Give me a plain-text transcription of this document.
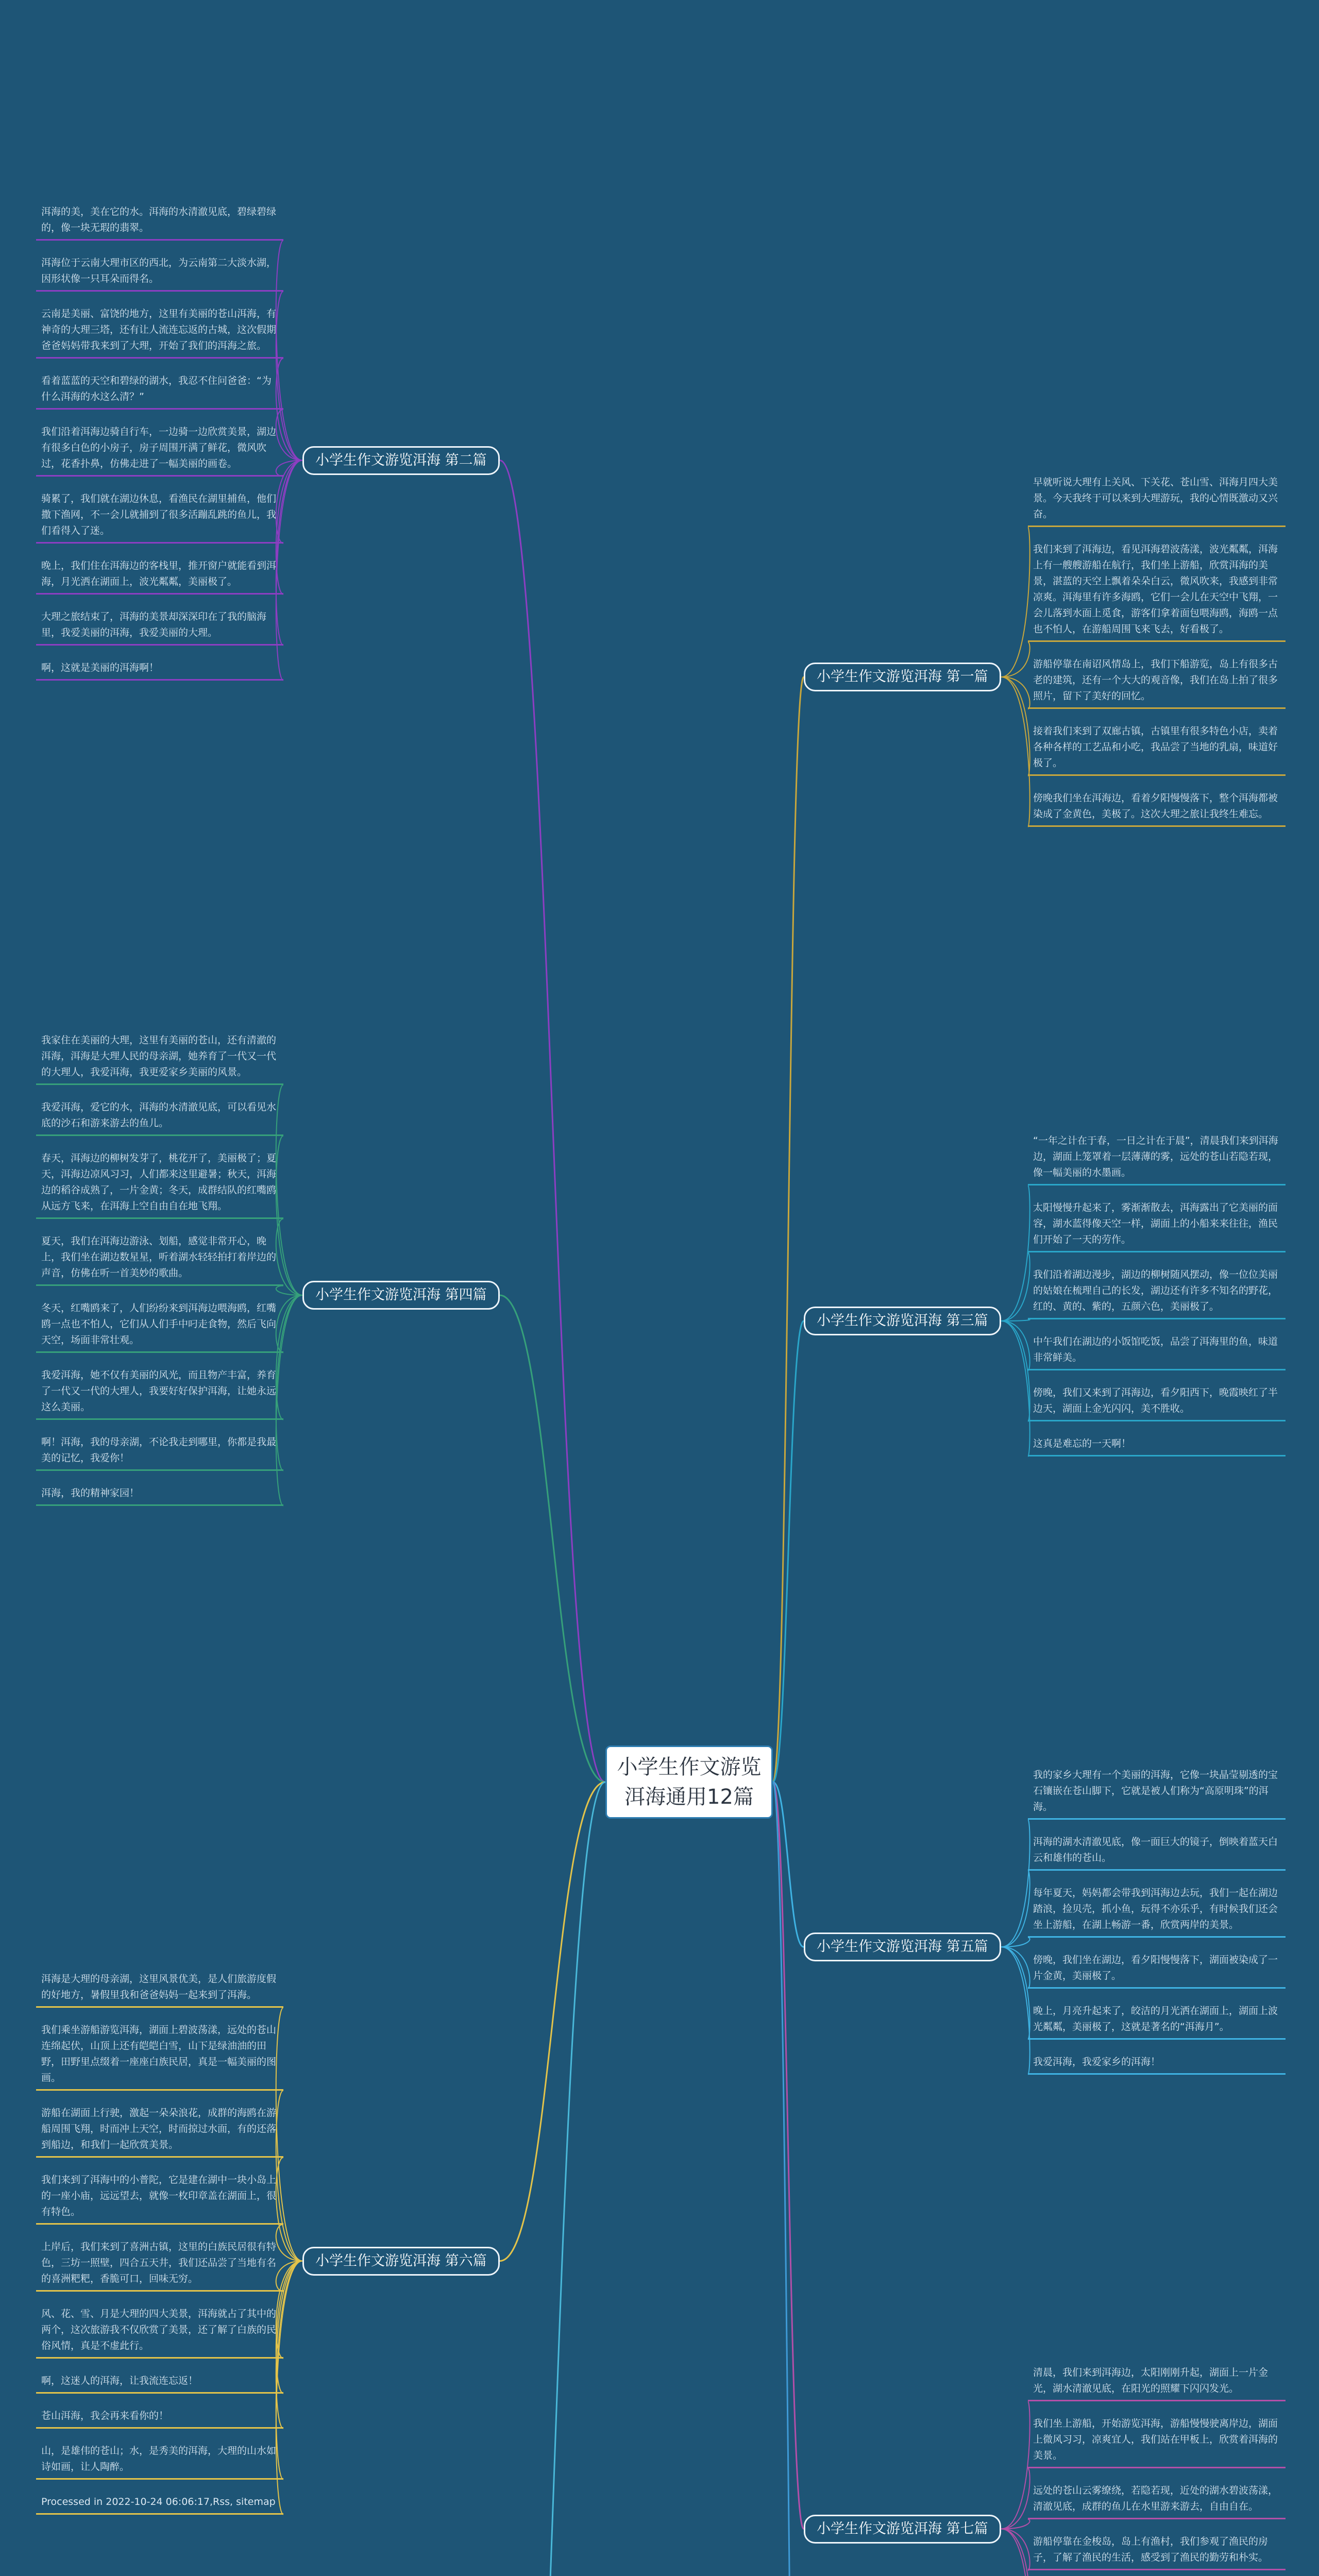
小学生作文游览洱海通用12篇
早就听说大理有上关风、下关花、苍山雪、洱海月四大美景。今天我终于可以来到大理游玩，我的心情既激动又兴奋。
我们来到了洱海边，看见洱海碧波荡漾，波光粼粼，洱海上有一艘艘游船在航行，我们坐上游船，欣赏洱海的美景，湛蓝的天空上飘着朵朵白云，微风吹来，我感到非常凉爽。洱海里有许多海鸥，它们一会儿在天空中飞翔，一会儿落到水面上觅食，游客们拿着面包喂海鸥，海鸥一点也不怕人，在游船周围飞来飞去，好看极了。
游船停靠在南诏风情岛上，我们下船游览，岛上有很多古老的建筑，还有一个大大的观音像，我们在岛上拍了很多照片，留下了美好的回忆。
接着我们来到了双廊古镇，古镇里有很多特色小店，卖着各种各样的工艺品和小吃，我品尝了当地的乳扇，味道好极了。
傍晚我们坐在洱海边，看着夕阳慢慢落下，整个洱海都被染成了金黄色，美极了。这次大理之旅让我终生难忘。
小学生作文游览洱海 第一篇
洱海的美，美在它的水。洱海的水清澈见底，碧绿碧绿的，像一块无瑕的翡翠。
洱海位于云南大理市区的西北，为云南第二大淡水湖，因形状像一只耳朵而得名。
云南是美丽、富饶的地方，这里有美丽的苍山洱海，有神奇的大理三塔，还有让人流连忘返的古城，这次假期爸爸妈妈带我来到了大理，开始了我们的洱海之旅。
看着蓝蓝的天空和碧绿的湖水，我忍不住问爸爸：“为什么洱海的水这么清？”
我们沿着洱海边骑自行车，一边骑一边欣赏美景，湖边有很多白色的小房子，房子周围开满了鲜花，微风吹过，花香扑鼻，仿佛走进了一幅美丽的画卷。
骑累了，我们就在湖边休息，看渔民在湖里捕鱼，他们撒下渔网，不一会儿就捕到了很多活蹦乱跳的鱼儿，我们看得入了迷。
晚上，我们住在洱海边的客栈里，推开窗户就能看到洱海，月光洒在湖面上，波光粼粼，美丽极了。
大理之旅结束了，洱海的美景却深深印在了我的脑海里，我爱美丽的洱海，我爱美丽的大理。
啊，这就是美丽的洱海啊！
小学生作文游览洱海 第二篇
“一年之计在于春，一日之计在于晨”，清晨我们来到洱海边，湖面上笼罩着一层薄薄的雾，远处的苍山若隐若现，像一幅美丽的水墨画。
太阳慢慢升起来了，雾渐渐散去，洱海露出了它美丽的面容，湖水蓝得像天空一样，湖面上的小船来来往往，渔民们开始了一天的劳作。
我们沿着湖边漫步，湖边的柳树随风摆动，像一位位美丽的姑娘在梳理自己的长发，湖边还有许多不知名的野花，红的、黄的、紫的，五颜六色，美丽极了。
中午我们在湖边的小饭馆吃饭，品尝了洱海里的鱼，味道非常鲜美。
傍晚，我们又来到了洱海边，看夕阳西下，晚霞映红了半边天，湖面上金光闪闪，美不胜收。
这真是难忘的一天啊！
小学生作文游览洱海 第三篇
我家住在美丽的大理，这里有美丽的苍山，还有清澈的洱海，洱海是大理人民的母亲湖，她养育了一代又一代的大理人，我爱洱海，我更爱家乡美丽的风景。
我爱洱海，爱它的水，洱海的水清澈见底，可以看见水底的沙石和游来游去的鱼儿。
春天，洱海边的柳树发芽了，桃花开了，美丽极了；夏天，洱海边凉风习习，人们都来这里避暑；秋天，洱海边的稻谷成熟了，一片金黄；冬天，成群结队的红嘴鸥从远方飞来，在洱海上空自由自在地飞翔。
夏天，我们在洱海边游泳、划船，感觉非常开心，晚上，我们坐在湖边数星星，听着湖水轻轻拍打着岸边的声音，仿佛在听一首美妙的歌曲。
冬天，红嘴鸥来了，人们纷纷来到洱海边喂海鸥，红嘴鸥一点也不怕人，它们从人们手中叼走食物，然后飞向天空，场面非常壮观。
我爱洱海，她不仅有美丽的风光，而且物产丰富，养育了一代又一代的大理人，我要好好保护洱海，让她永远这么美丽。
啊！洱海，我的母亲湖，不论我走到哪里，你都是我最美的记忆，我爱你！
洱海，我的精神家园！
小学生作文游览洱海 第四篇
我的家乡大理有一个美丽的洱海，它像一块晶莹剔透的宝石镶嵌在苍山脚下，它就是被人们称为“高原明珠”的洱海。
洱海的湖水清澈见底，像一面巨大的镜子，倒映着蓝天白云和雄伟的苍山。
每年夏天，妈妈都会带我到洱海边去玩，我们一起在湖边踏浪，捡贝壳，抓小鱼，玩得不亦乐乎，有时候我们还会坐上游船，在湖上畅游一番，欣赏两岸的美景。
傍晚，我们坐在湖边，看夕阳慢慢落下，湖面被染成了一片金黄，美丽极了。
晚上，月亮升起来了，皎洁的月光洒在湖面上，湖面上波光粼粼，美丽极了，这就是著名的“洱海月”。
我爱洱海，我爱家乡的洱海！
小学生作文游览洱海 第五篇
洱海是大理的母亲湖，这里风景优美，是人们旅游度假的好地方，暑假里我和爸爸妈妈一起来到了洱海。
我们乘坐游船游览洱海，湖面上碧波荡漾，远处的苍山连绵起伏，山顶上还有皑皑白雪，山下是绿油油的田野，田野里点缀着一座座白族民居，真是一幅美丽的图画。
游船在湖面上行驶，激起一朵朵浪花，成群的海鸥在游船周围飞翔，时而冲上天空，时而掠过水面，有的还落到船边，和我们一起欣赏美景。
我们来到了洱海中的小普陀，它是建在湖中一块小岛上的一座小庙，远远望去，就像一枚印章盖在湖面上，很有特色。
上岸后，我们来到了喜洲古镇，这里的白族民居很有特色，三坊一照壁，四合五天井，我们还品尝了当地有名的喜洲粑粑，香脆可口，回味无穷。
风、花、雪、月是大理的四大美景，洱海就占了其中的两个，这次旅游我不仅欣赏了美景，还了解了白族的民俗风情，真是不虚此行。
啊，这迷人的洱海，让我流连忘返！
苍山洱海，我会再来看你的！
山，是雄伟的苍山；水，是秀美的洱海，大理的山水如诗如画，让人陶醉。
Processed in 2022-10-24 06:06:17,Rss, sitemap
小学生作文游览洱海 第六篇
清晨，我们来到洱海边，太阳刚刚升起，湖面上一片金光，湖水清澈见底，在阳光的照耀下闪闪发光。
我们坐上游船，开始游览洱海，游船慢慢驶离岸边，湖面上微风习习，凉爽宜人，我们站在甲板上，欣赏着洱海的美景。
远处的苍山云雾缭绕，若隐若现，近处的湖水碧波荡漾，清澈见底，成群的鱼儿在水里游来游去，自由自在。
游船停靠在金梭岛，岛上有渔村，我们参观了渔民的房子，了解了渔民的生活，感受到了渔民的勤劳和朴实。
小学生作文游览洱海 第七篇
